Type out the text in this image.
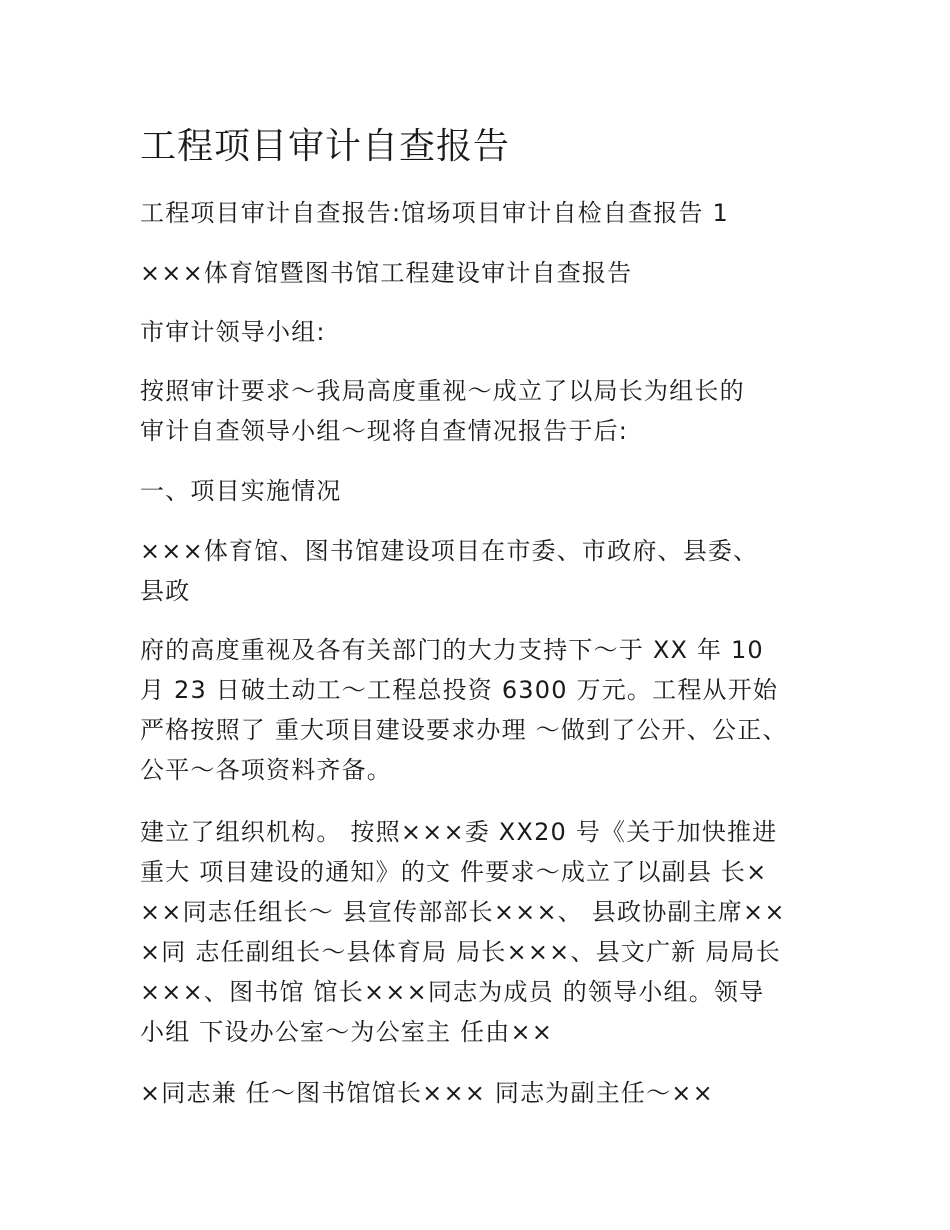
工程项目审计自查报告

工程项目审计自查报告:馆场项目审计自检自查报告 1

×××体育馆暨图书馆工程建设审计自查报告

市审计领导小组:

按照审计要求～我局高度重视～成立了以局长为组长的
审计自查领导小组～现将自查情况报告于后:

一、项目实施情况

×××体育馆、图书馆建设项目在市委、市政府、县委、
县政

府的高度重视及各有关部门的大力支持下～于 XX 年 10
月 23 日破土动工～工程总投资 6300 万元。工程从开始
严格按照了 重大项目建设要求办理 ～做到了公开、公正、
公平～各项资料齐备。

建立了组织机构。 按照×××委 XX20 号《关于加快推进
重大 项目建设的通知》的文 件要求～成立了以副县 长×
××同志任组长～ 县宣传部部长×××、 县政协副主席××
×同 志任副组长～县体育局 局长×××、县文广新 局局长
×××、图书馆 馆长×××同志为成员 的领导小组。领导
小组 下设办公室～为公室主 任由××

×同志兼 任～图书馆馆长××× 同志为副主任～××
